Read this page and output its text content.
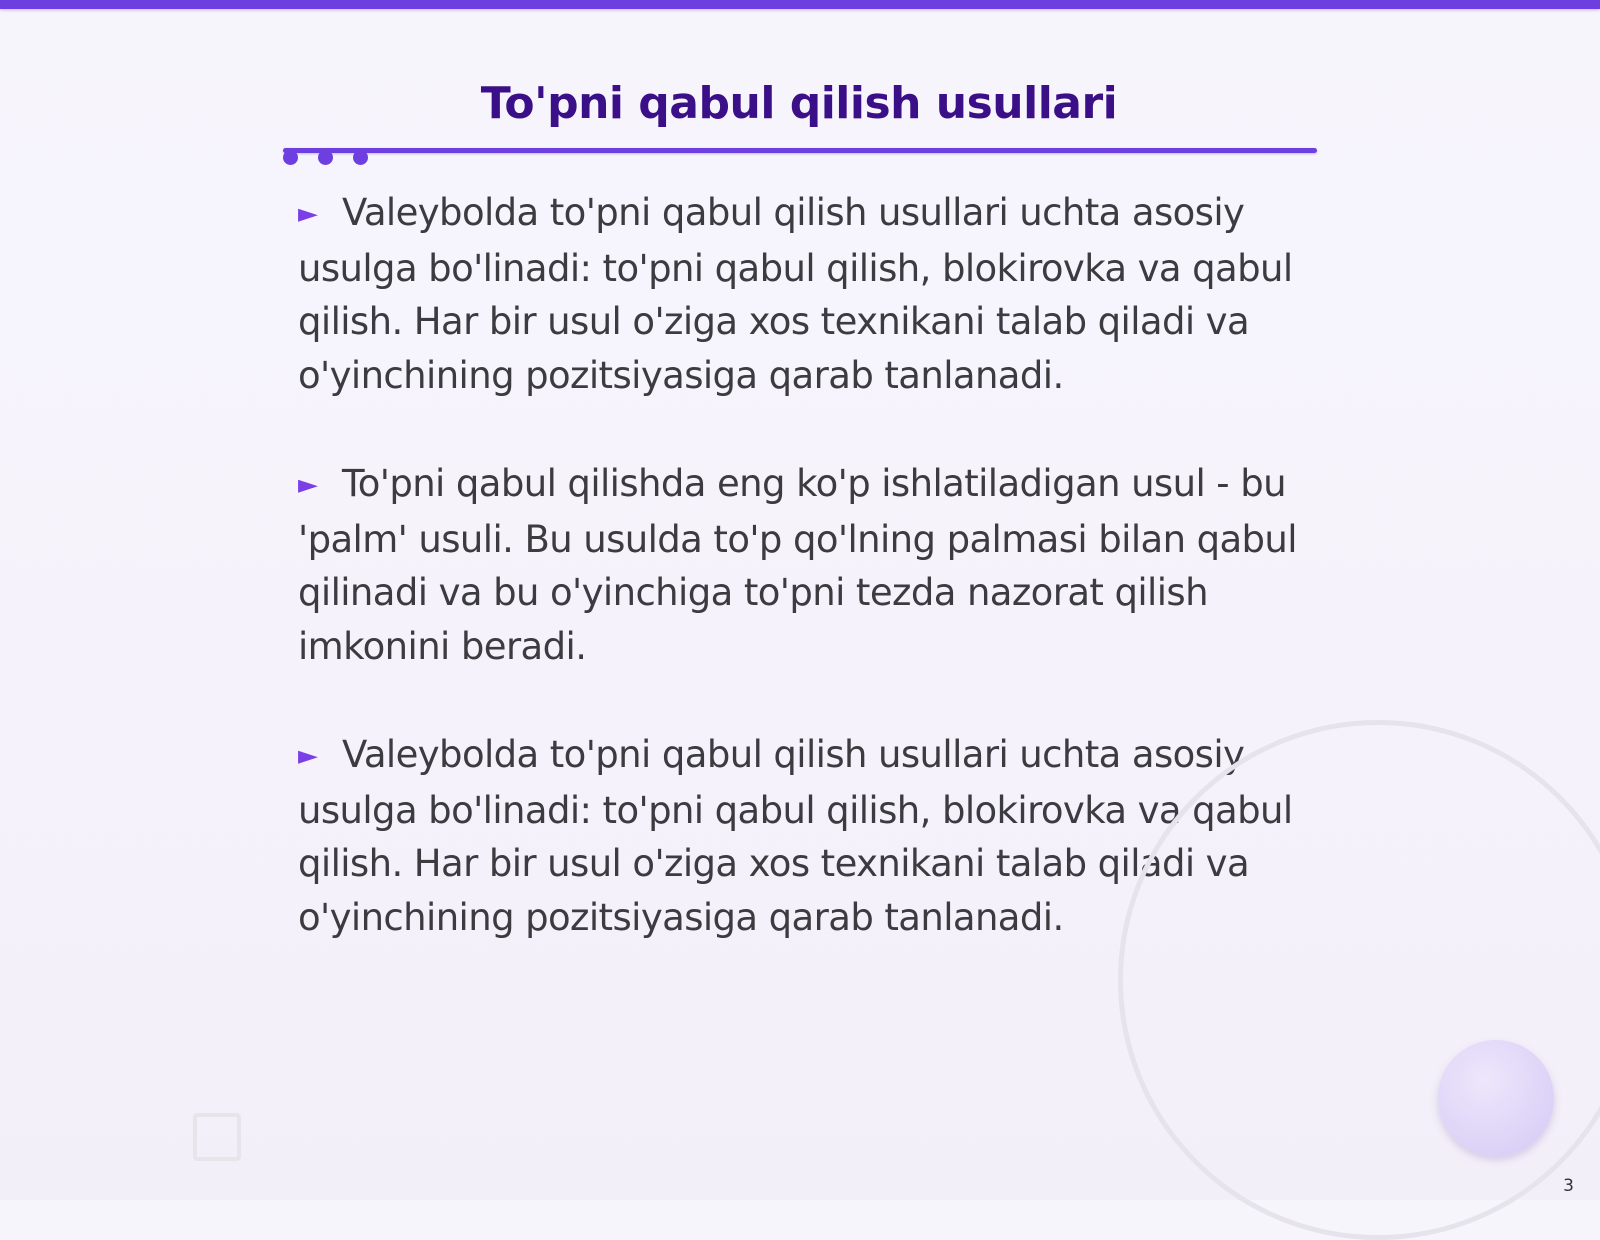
To'pni qabul qilish usullari

► Valeybolda to'pni qabul qilish usullari uchta asosiy usulga bo'linadi: to'pni qabul qilish, blokirovka va qabul qilish. Har bir usul o'ziga xos texnikani talab qiladi va o'yinchining pozitsiyasiga qarab tanlanadi.

► To'pni qabul qilishda eng ko'p ishlatiladigan usul - bu 'palm' usuli. Bu usulda to'p qo'lning palmasi bilan qabul qilinadi va bu o'yinchiga to'pni tezda nazorat qilish imkonini beradi.

► Valeybolda to'pni qabul qilish usullari uchta asosiy usulga bo'linadi: to'pni qabul qilish, blokirovka va qabul qilish. Har bir usul o'ziga xos texnikani talab qiladi va o'yinchining pozitsiyasiga qarab tanlanadi.

3
